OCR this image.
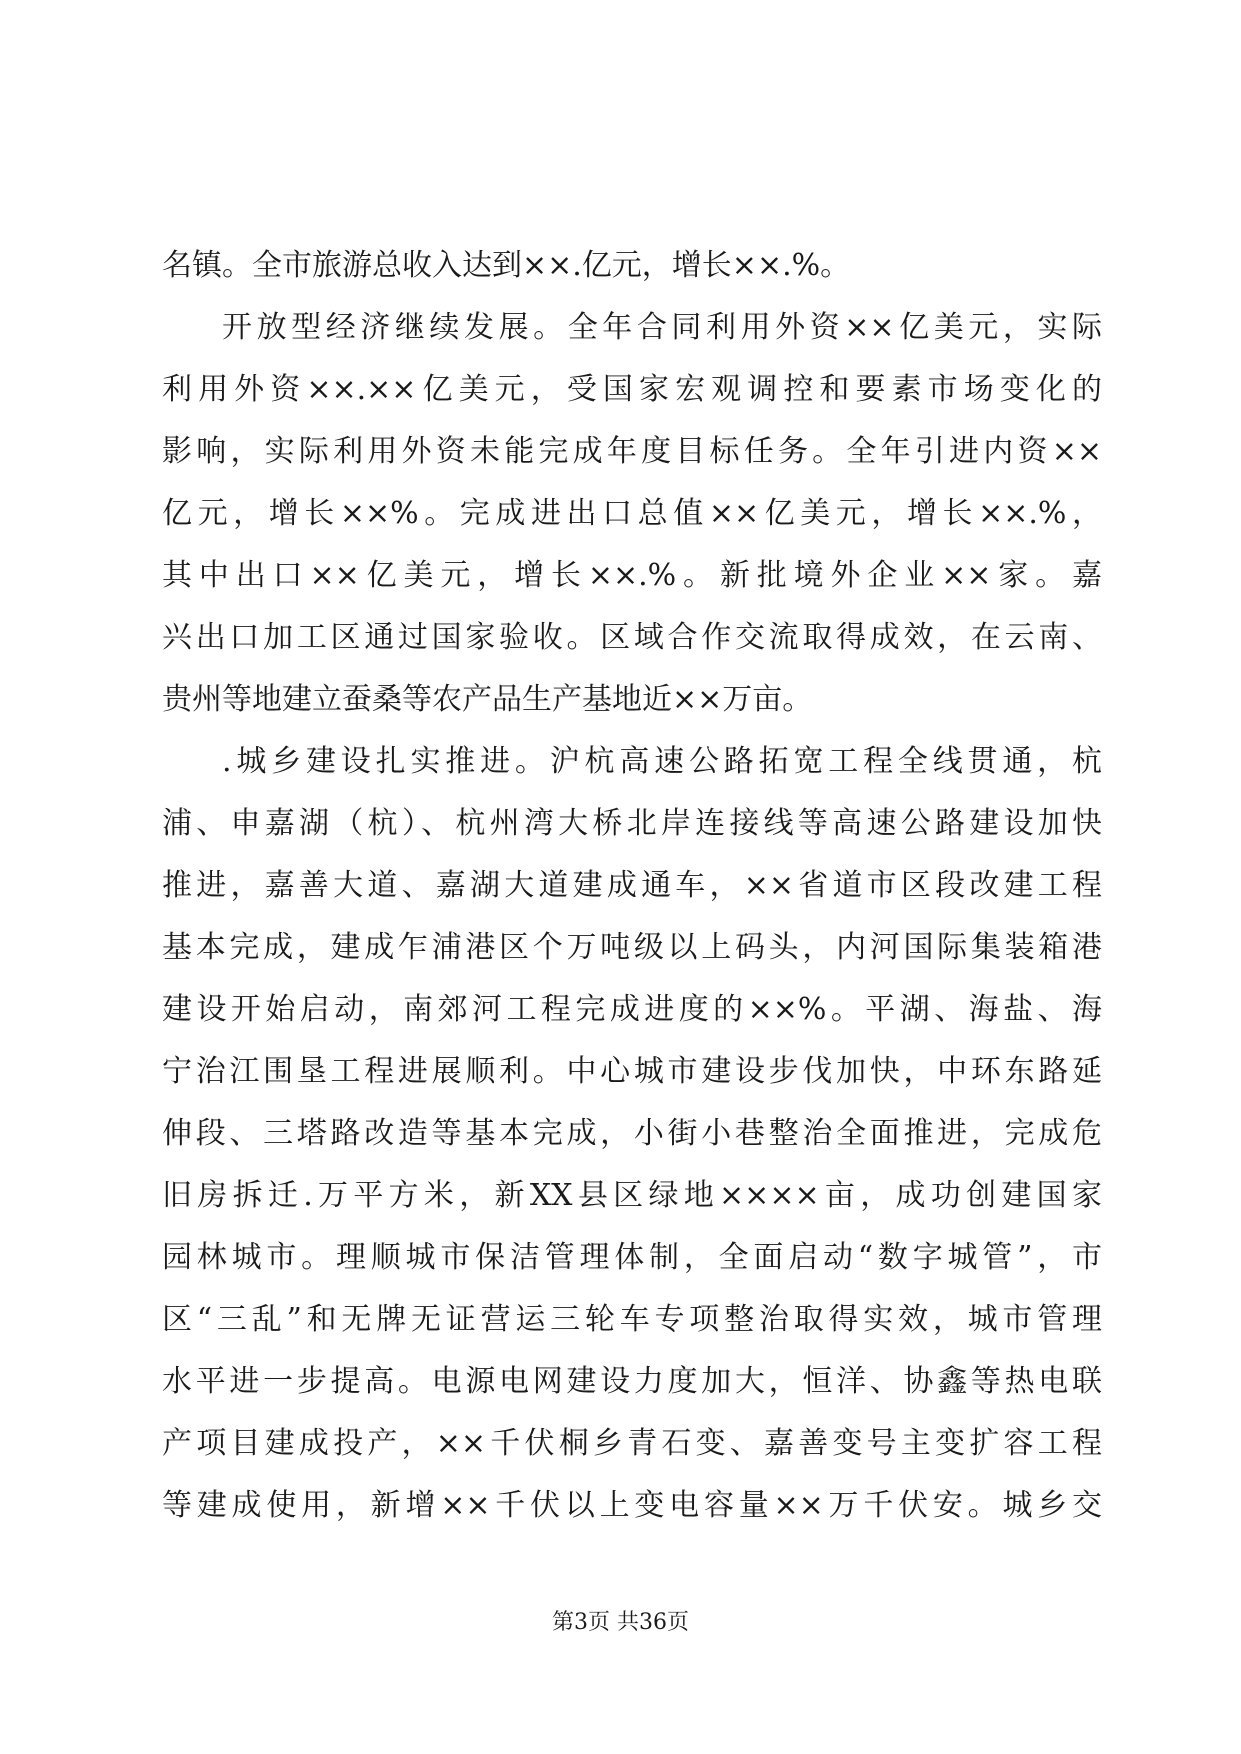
名镇。全市旅游总收入达到××.亿元，增长××.%。
开放型经济继续发展。全年合同利用外资××亿美元，实际
利用外资××.××亿美元，受国家宏观调控和要素市场变化的
影响，实际利用外资未能完成年度目标任务。全年引进内资××
亿元，增长××%。完成进出口总值××亿美元，增长××.%，
其中出口××亿美元，增长××.%。新批境外企业××家。嘉
兴出口加工区通过国家验收。区域合作交流取得成效，在云南、
贵州等地建立蚕桑等农产品生产基地近××万亩。
.城乡建设扎实推进。沪杭高速公路拓宽工程全线贯通，杭
浦、申嘉湖（杭）、杭州湾大桥北岸连接线等高速公路建设加快
推进，嘉善大道、嘉湖大道建成通车，××省道市区段改建工程
基本完成，建成乍浦港区个万吨级以上码头，内河国际集装箱港
建设开始启动，南郊河工程完成进度的××%。平湖、海盐、海
宁治江围垦工程进展顺利。中心城市建设步伐加快，中环东路延
伸段、三塔路改造等基本完成，小街小巷整治全面推进，完成危
旧房拆迁.万平方米，新XX县区绿地××××亩，成功创建国家
园林城市。理顺城市保洁管理体制，全面启动“数字城管”，市
区“三乱”和无牌无证营运三轮车专项整治取得实效，城市管理
水平进一步提高。电源电网建设力度加大，恒洋、协鑫等热电联
产项目建成投产，××千伏桐乡青石变、嘉善变号主变扩容工程
等建成使用，新增××千伏以上变电容量××万千伏安。城乡交
第3页 共36页
